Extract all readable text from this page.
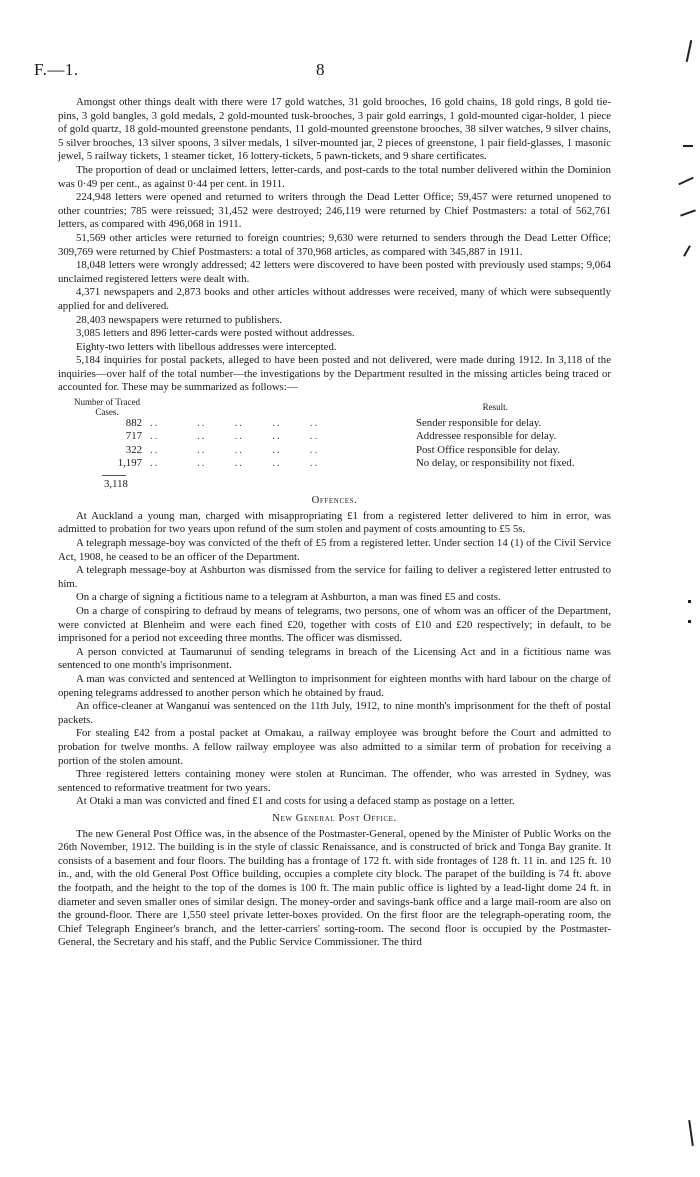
F.—1.	8

Amongst other things dealt with there were 17 gold watches, 31 gold brooches, 16 gold chains, 18 gold rings, 8 gold tie-pins, 3 gold bangles, 3 gold medals, 2 gold-mounted tusk-brooches, 3 pair gold earrings, 1 gold-mounted cigar-holder, 1 piece of gold quartz, 18 gold-mounted greenstone pendants, 11 gold-mounted greenstone brooches, 38 silver watches, 9 silver chains, 5 silver brooches, 13 silver spoons, 3 silver medals, 1 silver-mounted jar, 2 pieces of greenstone, 1 pair field-glasses, 1 masonic jewel, 5 railway tickets, 1 steamer ticket, 16 lottery-tickets, 5 pawn-tickets, and 9 share certificates.

The proportion of dead or unclaimed letters, letter-cards, and post-cards to the total number delivered within the Dominion was 0·49 per cent., as against 0·44 per cent. in 1911.

224,948 letters were opened and returned to writers through the Dead Letter Office; 59,457 were returned unopened to other countries; 785 were reissued; 31,452 were destroyed; 246,119 were returned by Chief Postmasters: a total of 562,761 letters, as compared with 496,068 in 1911.

51,569 other articles were returned to foreign countries; 9,630 were returned to senders through the Dead Letter Office; 309,769 were returned by Chief Postmasters: a total of 370,968 articles, as compared with 345,887 in 1911.

18,048 letters were wrongly addressed; 42 letters were discovered to have been posted with previously used stamps; 9,064 unclaimed registered letters were dealt with.

4,371 newspapers and 2,873 books and other articles without addresses were received, many of which were subsequently applied for and delivered.

28,403 newspapers were returned to publishers.

3,085 letters and 896 letter-cards were posted without addresses.

Eighty-two letters with libellous addresses were intercepted.

5,184 inquiries for postal packets, alleged to have been posted and not delivered, were made during 1912. In 3,118 of the inquiries—over half of the total number—the investigations by the Department resulted in the missing articles being traced or accounted for. These may be summarized as follows:—

Number of Traced Cases.		Result.
882	..        ..      ..      ..      ..	Sender responsible for delay.
717	..        ..      ..      ..      ..	Addressee responsible for delay.
322	..        ..      ..      ..      ..	Post Office responsible for delay.
1,197	..        ..      ..      ..      ..	No delay, or responsibility not fixed.
3,118
Offences.

At Auckland a young man, charged with misappropriating £1 from a registered letter delivered to him in error, was admitted to probation for two years upon refund of the sum stolen and payment of costs amounting to £5 5s.

A telegraph message-boy was convicted of the theft of £5 from a registered letter. Under section 14 (1) of the Civil Service Act, 1908, he ceased to be an officer of the Department.

A telegraph message-boy at Ashburton was dismissed from the service for failing to deliver a registered letter entrusted to him.

On a charge of signing a fictitious name to a telegram at Ashburton, a man was fined £5 and costs.

On a charge of conspiring to defraud by means of telegrams, two persons, one of whom was an officer of the Department, were convicted at Blenheim and were each fined £20, together with costs of £10 and £20 respectively; in default, to be imprisoned for a period not exceeding three months. The officer was dismissed.

A person convicted at Taumarunui of sending telegrams in breach of the Licensing Act and in a fictitious name was sentenced to one month's imprisonment.

A man was convicted and sentenced at Wellington to imprisonment for eighteen months with hard labour on the charge of opening telegrams addressed to another person which he obtained by fraud.

An office-cleaner at Wanganui was sentenced on the 11th July, 1912, to nine month's imprisonment for the theft of postal packets.

For stealing £42 from a postal packet at Omakau, a railway employee was brought before the Court and admitted to probation for twelve months. A fellow railway employee was also admitted to a similar term of probation for receiving a portion of the stolen amount.

Three registered letters containing money were stolen at Runciman. The offender, who was arrested in Sydney, was sentenced to reformative treatment for two years.

At Otaki a man was convicted and fined £1 and costs for using a defaced stamp as postage on a letter.

New General Post Office.

The new General Post Office was, in the absence of the Postmaster-General, opened by the Minister of Public Works on the 26th November, 1912. The building is in the style of classic Renaissance, and is constructed of brick and Tonga Bay granite. It consists of a basement and four floors. The building has a frontage of 172 ft. with side frontages of 128 ft. 11 in. and 125 ft. 10 in., and, with the old General Post Office building, occupies a complete city block. The parapet of the building is 74 ft. above the footpath, and the height to the top of the domes is 100 ft. The main public office is lighted by a lead-light dome 24 ft. in diameter and seven smaller ones of similar design. The money-order and savings-bank office and a large mail-room are also on the ground-floor. There are 1,550 steel private letter-boxes provided. On the first floor are the telegraph-operating room, the Chief Telegraph Engineer's branch, and the letter-carriers' sorting-room. The second floor is occupied by the Postmaster-General, the Secretary and his staff, and the Public Service Commissioner. The third
